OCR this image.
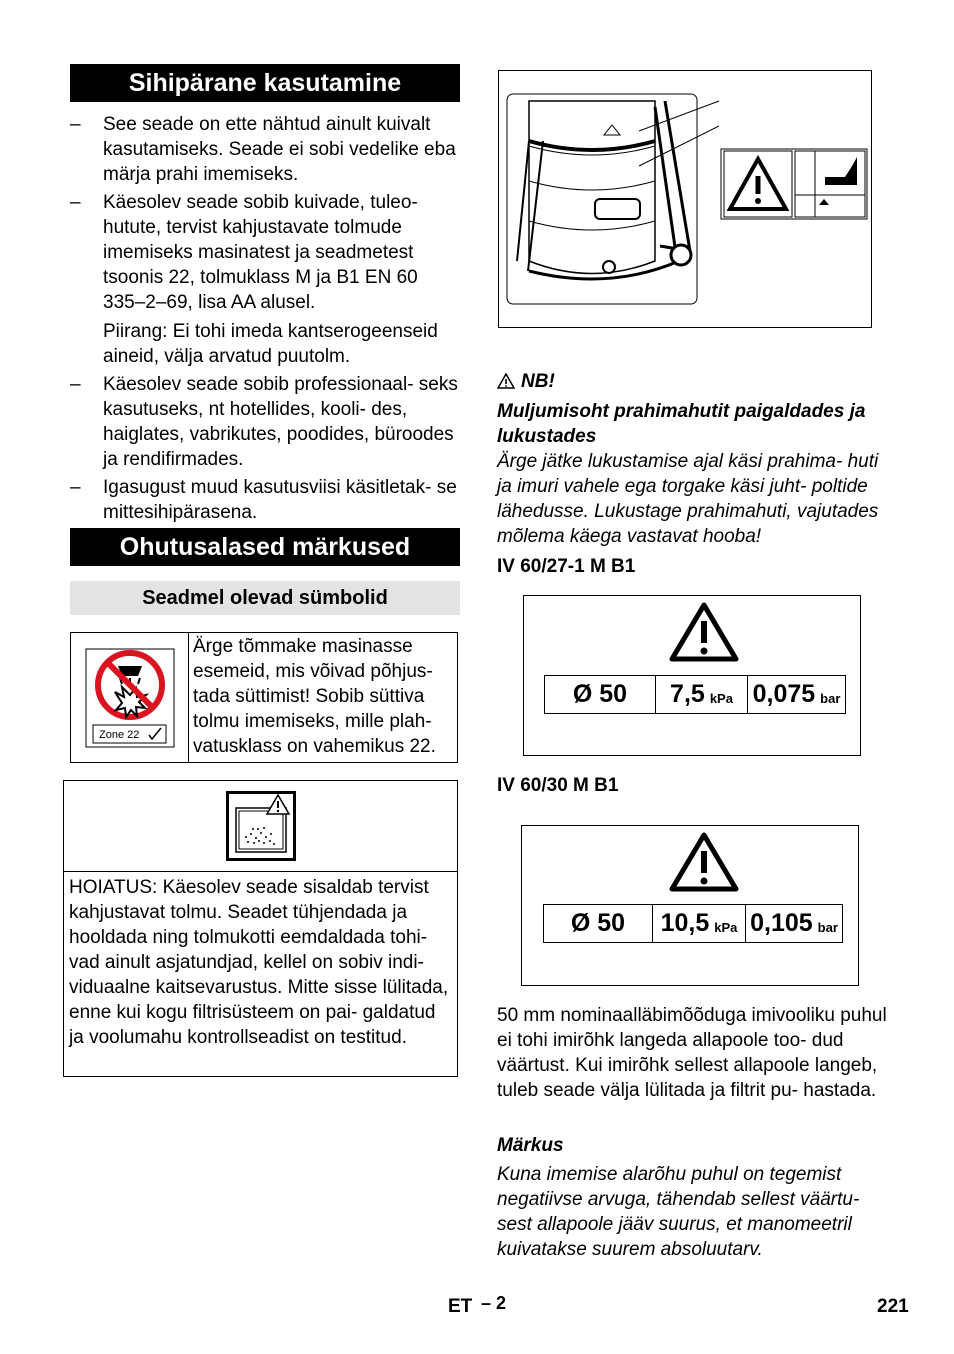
Sihipärane kasutamine
– See seade on ette nähtud ainult kuivalt kasutamiseks. Seade ei sobi vedelike eba märja prahi imemiseks.
– Käesolev seade sobib kuivade, tuleo- hutute, tervist kahjustavate tolmude imemiseks masinatest ja seadmetest tsoonis 22, tolmuklass M ja B1 EN 60 335–2–69, lisa AA alusel.

Piirang: Ei tohi imeda kantserogeenseid aineid, välja arvatud puutolm.

– Käesolev seade sobib professionaal- seks kasutuseks, nt hotellides, kooli- des, haiglates, vabrikutes, poodides, büroodes ja rendifirmades.
– Igasugust muud kasutusviisi käsitletak- se mittesihipärasena.
Ohutusalased märkused
Seadmel olevad sümbolid
Zone 22
Ärge tõmmake masinasse esemeid, mis võivad põhjus- tada süttimist! Sobib süttiva tolmu imemiseks, mille plah- vatusklass on vahemikus 22.
HOIATUS: Käesolev seade sisaldab tervist kahjustavat tolmu. Seadet tühjendada ja hooldada ning tolmukotti eemdaldada tohi- vad ainult asjatundjad, kellel on sobiv indi- viduaalne kaitsevarustus. Mitte sisse lülitada, enne kui kogu filtrisüsteem on pai- galdatud ja voolumahu kontrollseadist on testitud.
NB!
Muljumisoht prahimahutit paigaldades ja lukustades
Ärge jätke lukustamise ajal käsi prahima- huti ja imuri vahele ega torgake käsi juht- poltide lähedusse. Lukustage prahimahuti, vajutades mõlema käega vastavat hooba!
IV 60/27-1 M B1
Ø 50	7,5 kPa 0,075 bar
IV 60/30 M B1
Ø 50	10,5 kPa 0,105 bar
50 mm nominaalläbimõõduga imivooliku puhul ei tohi imirõhk langeda allapoole too- dud väärtust. Kui imirõhk sellest allapoole langeb, tuleb seade välja lülitada ja filtrit pu- hastada.
Märkus
Kuna imemise alarõhu puhul on tegemist negatiivse arvuga, tähendab sellest väärtu- sest allapoole jääv suurus, et manomeetril kuivatakse suurem absoluutarv.
ET – 2	221
